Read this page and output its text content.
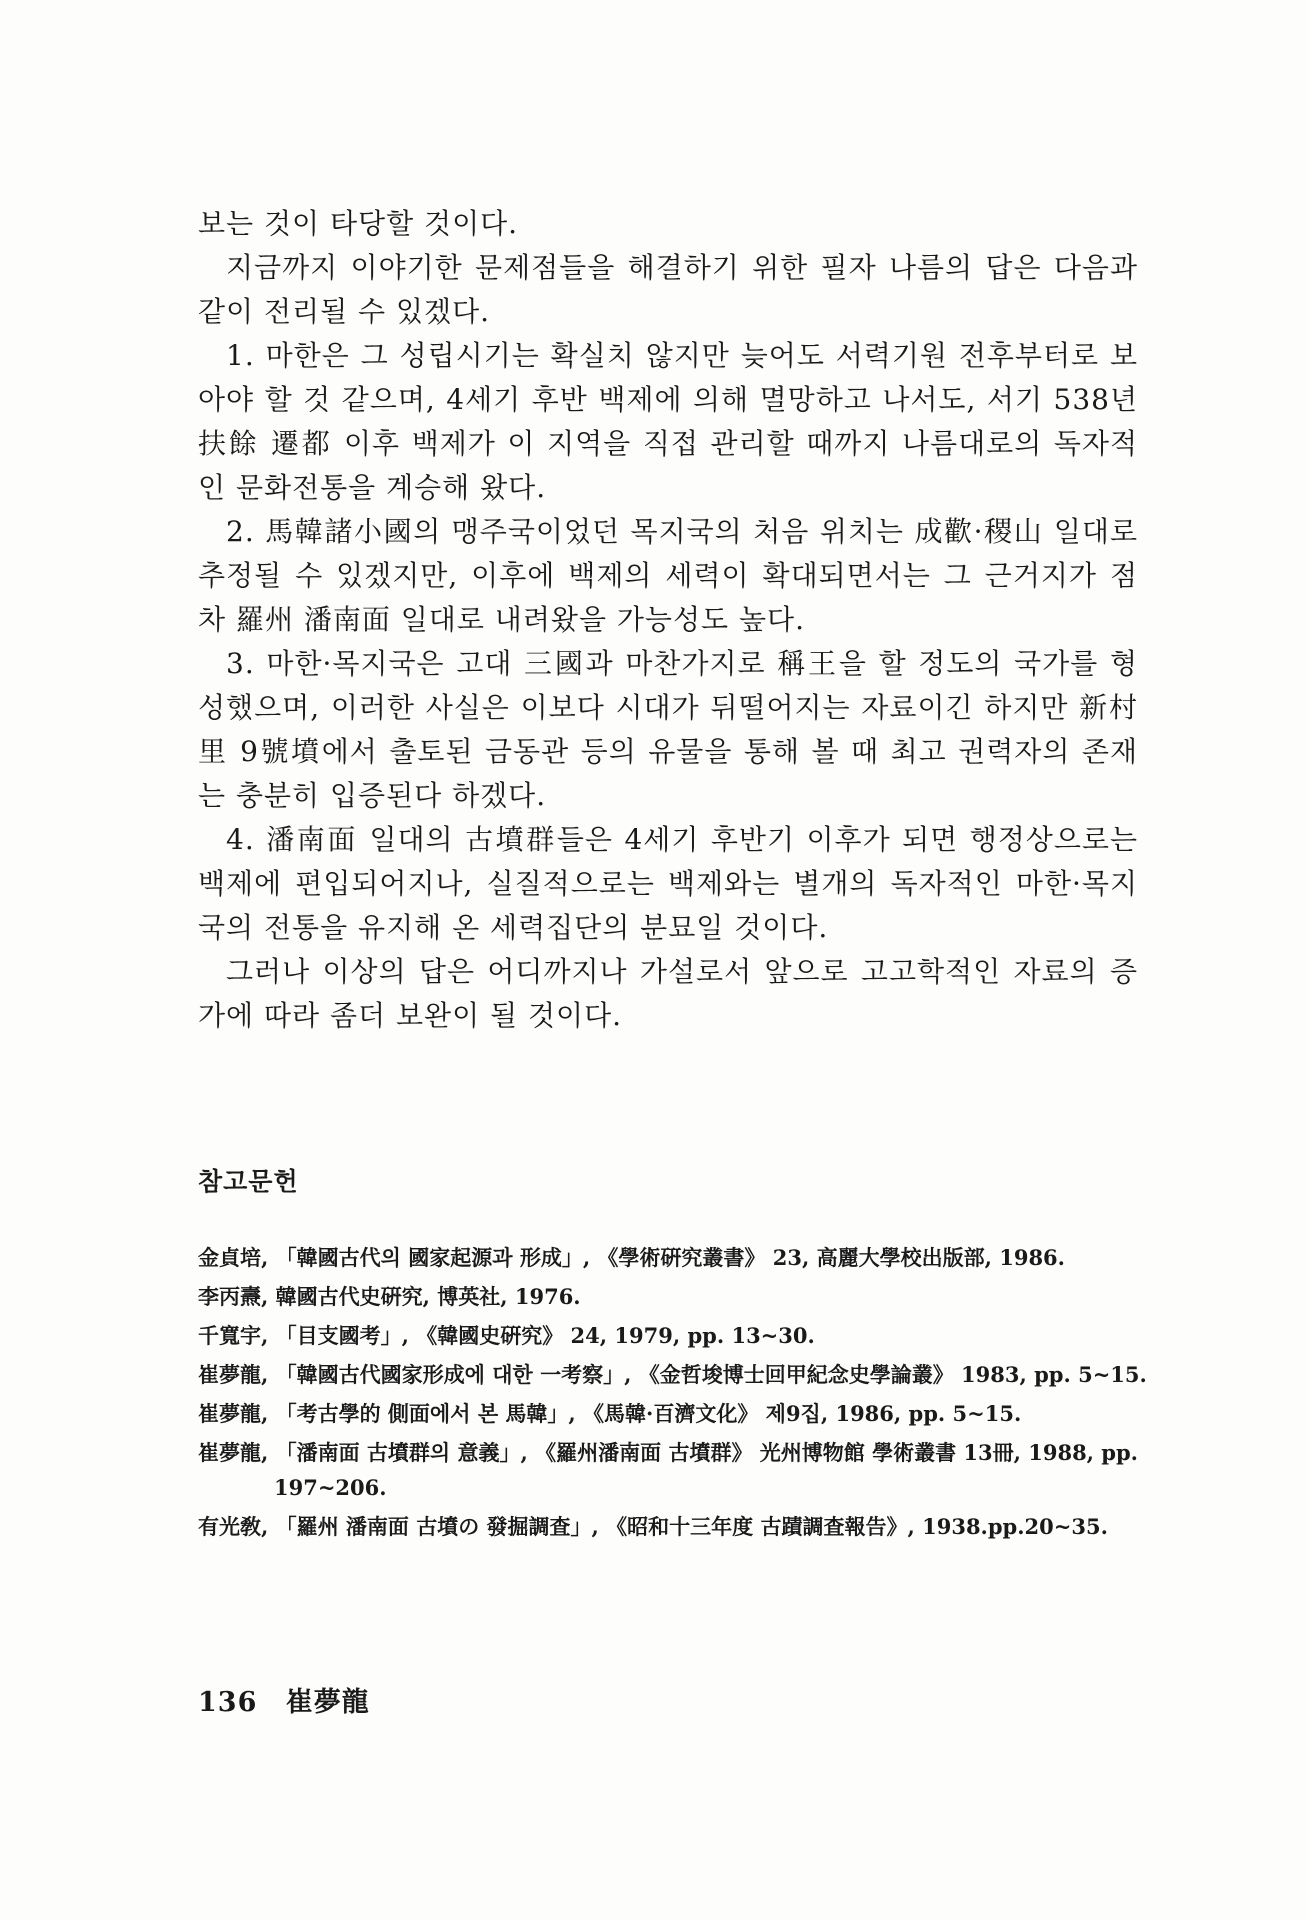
보는 것이 타당할 것이다.

지금까지 이야기한 문제점들을 해결하기 위한 필자 나름의 답은 다음과 같이 전리될 수 있겠다.

1. 마한은 그 성립시기는 확실치 않지만 늦어도 서력기원 전후부터로 보아야 할 것 같으며, 4세기 후반 백제에 의해 멸망하고 나서도, 서기 538년 扶餘 遷都 이후 백제가 이 지역을 직접 관리할 때까지 나름대로의 독자적인 문화전통을 계승해 왔다.

2. 馬韓諸小國의 맹주국이었던 목지국의 처음 위치는 成歡·稷山 일대로 추정될 수 있겠지만, 이후에 백제의 세력이 확대되면서는 그 근거지가 점차 羅州 潘南面 일대로 내려왔을 가능성도 높다.

3. 마한·목지국은 고대 三國과 마찬가지로 稱王을 할 정도의 국가를 형성했으며, 이러한 사실은 이보다 시대가 뒤떨어지는 자료이긴 하지만 新村里 9號墳에서 출토된 금동관 등의 유물을 통해 볼 때 최고 권력자의 존재는 충분히 입증된다 하겠다.

4. 潘南面 일대의 古墳群들은 4세기 후반기 이후가 되면 행정상으로는 백제에 편입되어지나, 실질적으로는 백제와는 별개의 독자적인 마한·목지국의 전통을 유지해 온 세력집단의 분묘일 것이다.

그러나 이상의 답은 어디까지나 가설로서 앞으로 고고학적인 자료의 증가에 따라 좀더 보완이 될 것이다.

참고문헌

金貞培, 「韓國古代의 國家起源과 形成」, 《學術硏究叢書》 23, 高麗大學校出版部, 1986.

李丙燾, 韓國古代史硏究, 博英社, 1976.

千寬宇, 「目支國考」, 《韓國史硏究》 24, 1979, pp. 13~30.

崔夢龍, 「韓國古代國家形成에 대한 一考察」, 《金哲埈博士回甲紀念史學論叢》 1983, pp. 5~15.

崔夢龍, 「考古學的 側面에서 본 馬韓」, 《馬韓·百濟文化》 제9집, 1986, pp. 5~15.

崔夢龍, 「潘南面 古墳群의 意義」, 《羅州潘南面 古墳群》 光州博物館 學術叢書 13冊, 1988, pp. 197~206.

有光敎, 「羅州 潘南面 古墳の 發掘調査」, 《昭和十三年度 古蹟調査報告》, 1938.pp.20~35.

136 崔夢龍
